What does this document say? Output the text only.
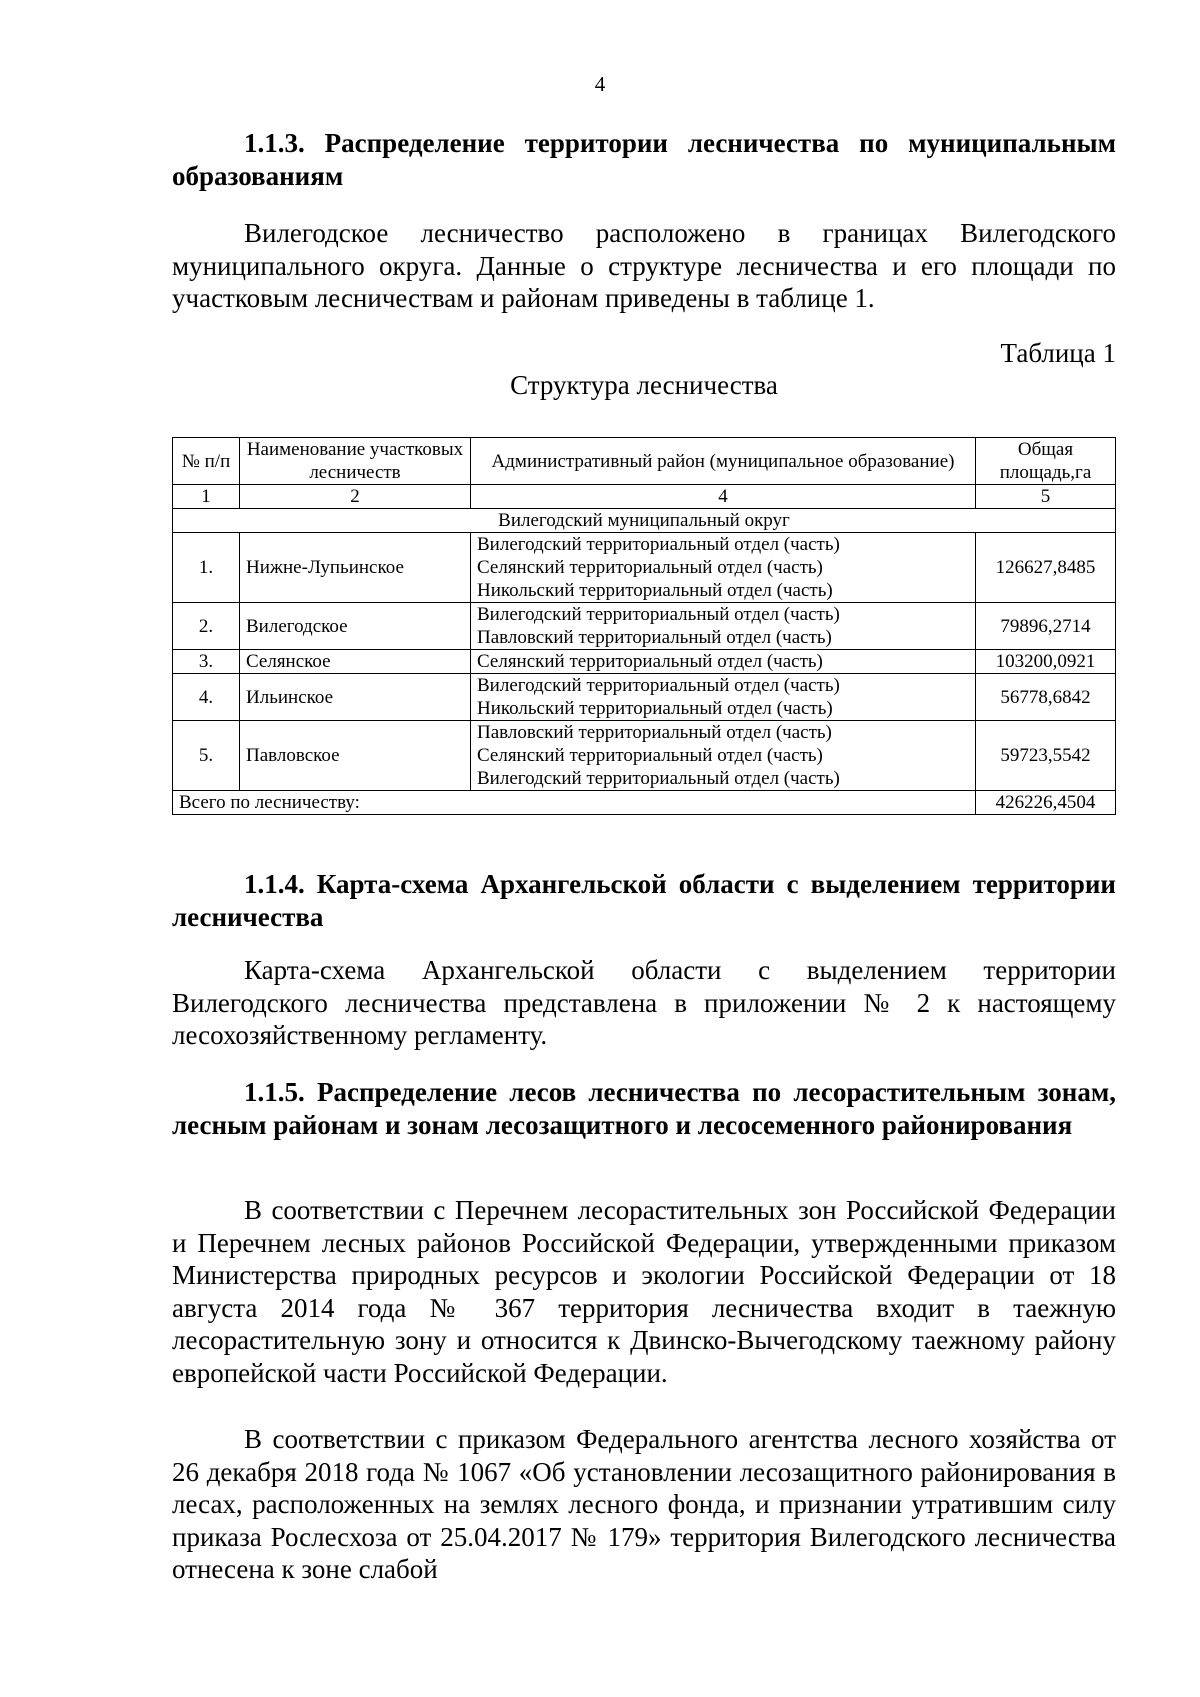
4

1.1.3. Распределение территории лесничества по муниципальным образованиям

Вилегодское лесничество расположено в границах Вилегодского муниципального округа. Данные о структуре лесничества и его площади по участковым лесничествам и районам приведены в таблице 1.

Таблица 1
Структура лесничества
№ п/п	Наименование участковых лесничеств	Административный район (муниципальное образование)	Общая площадь,га
1	2	4	5
Вилегодский муниципальный округ			
1.	Нижне-Лупьинское	Вилегодский территориальный отдел (часть)
Селянский территориальный отдел (часть)
Никольский территориальный отдел (часть)	126627,8485
2.	Вилегодское	Вилегодский территориальный отдел (часть)
Павловский территориальный отдел (часть)	79896,2714
3.	Селянское	Селянский территориальный отдел (часть)	103200,0921
4.	Ильинское	Вилегодский территориальный отдел (часть)
Никольский территориальный отдел (часть)	56778,6842
5.	Павловское	Павловский территориальный отдел (часть)
Селянский территориальный отдел (часть)
Вилегодский территориальный отдел (часть)	59723,5542
Всего по лесничеству:			426226,4504

1.1.4. Карта-схема Архангельской области с выделением территории лесничества

Карта-схема Архангельской области с выделением территории Вилегодского лесничества представлена в приложении № 2 к настоящему лесохозяйственному регламенту.

1.1.5. Распределение лесов лесничества по лесорастительным зонам, лесным районам и зонам лесозащитного и лесосеменного районирования

В соответствии с Перечнем лесорастительных зон Российской Федерации и Перечнем лесных районов Российской Федерации, утвержденными приказом Министерства природных ресурсов и экологии Российской Федерации от 18 августа 2014 года № 367 территория лесничества входит в таежную лесорастительную зону и относится к Двинско-Вычегодскому таежному району европейской части Российской Федерации.

В соответствии с приказом Федерального агентства лесного хозяйства от 26 декабря 2018 года № 1067 «Об установлении лесозащитного районирования в лесах, расположенных на землях лесного фонда, и признании утратившим силу приказа Рослесхоза от 25.04.2017 № 179» территория Вилегодского лесничества отнесена к зоне слабой
